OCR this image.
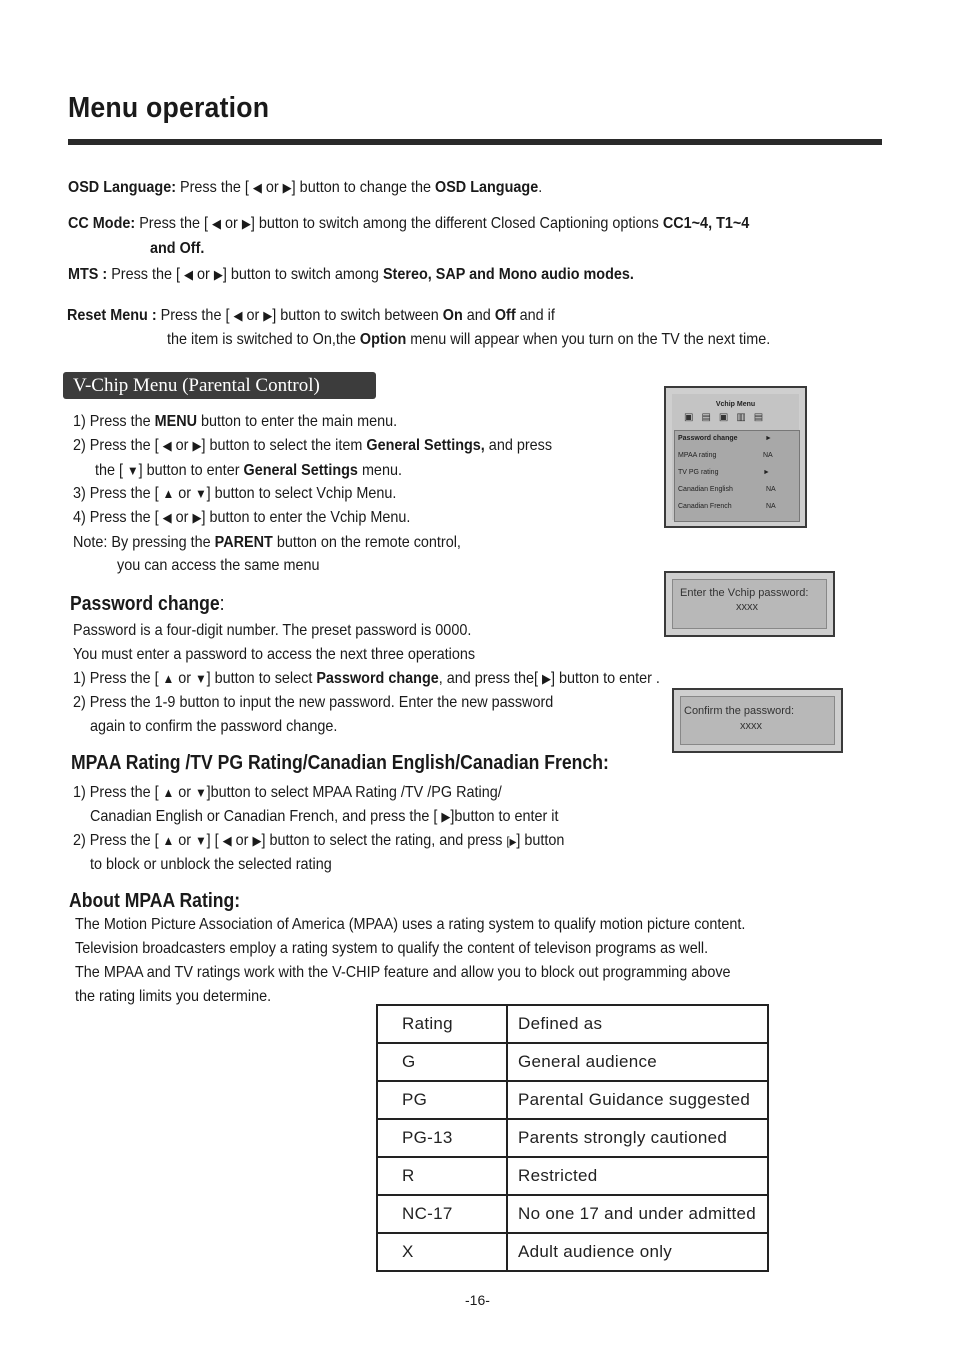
Menu operation
OSD Language: Press the [ ◀ or ▶] button to change the OSD Language.
CC Mode: Press the [ ◀ or ▶] button to switch among the different Closed Captioning options CC1~4, T1~4
and Off.
MTS : Press the [ ◀ or ▶] button to switch among Stereo, SAP and Mono audio modes.
Reset Menu : Press the [ ◀ or ▶] button to switch between On and Off and if
the item is switched to On,the Option menu will appear when you turn on the TV the next time.
V-Chip Menu (Parental Control)
1) Press the MENU button to enter the main menu.
2) Press the [ ◀ or ▶] button to select the item General Settings, and press
the [ ▼] button to enter General Settings menu.
3) Press the [ ▲ or ▼] button to select Vchip Menu.
4) Press the [ ◀ or ▶] button to enter the Vchip Menu.
Note: By pressing the PARENT button on the remote control,
you can access the same menu
Vchip Menu
▣▤▣▥▤
Password change	►
MPAA rating	NA
TV PG rating	►
Canadian English	NA
Canadian French	NA
Password change:
Password is a four-digit number. The preset password is 0000.
You must enter a password to access the next three operations
1) Press the [ ▲ or ▼] button to select Password change, and press the[ ▶] button to enter .
2) Press the 1-9 button to input the new password. Enter the new password
again to confirm the password change.
Enter the Vchip password:
xxxx
Confirm the password:
xxxx
MPAA Rating /TV PG Rating/Canadian English/Canadian French:
1) Press the [ ▲ or ▼]button to select MPAA Rating /TV /PG Rating/
Canadian English or Canadian French, and press the [ ▶]button to enter it
2) Press the [ ▲ or ▼] [ ◀ or ▶] button to select the rating, and press [▶] button
to block or unblock the selected rating
About MPAA Rating:
The Motion Picture Association of America (MPAA) uses a rating system to qualify motion picture content.
Television broadcasters employ a rating system to qualify the content of televison programs as well.
The MPAA and TV ratings work with the V-CHIP feature and allow you to block out programming above
the rating limits you determine.
Rating	Defined as
G	General audience
PG	Parental Guidance suggested
PG-13	Parents strongly cautioned
R	Restricted
NC-17	No one 17 and under admitted
X	Adult audience only
-16-
